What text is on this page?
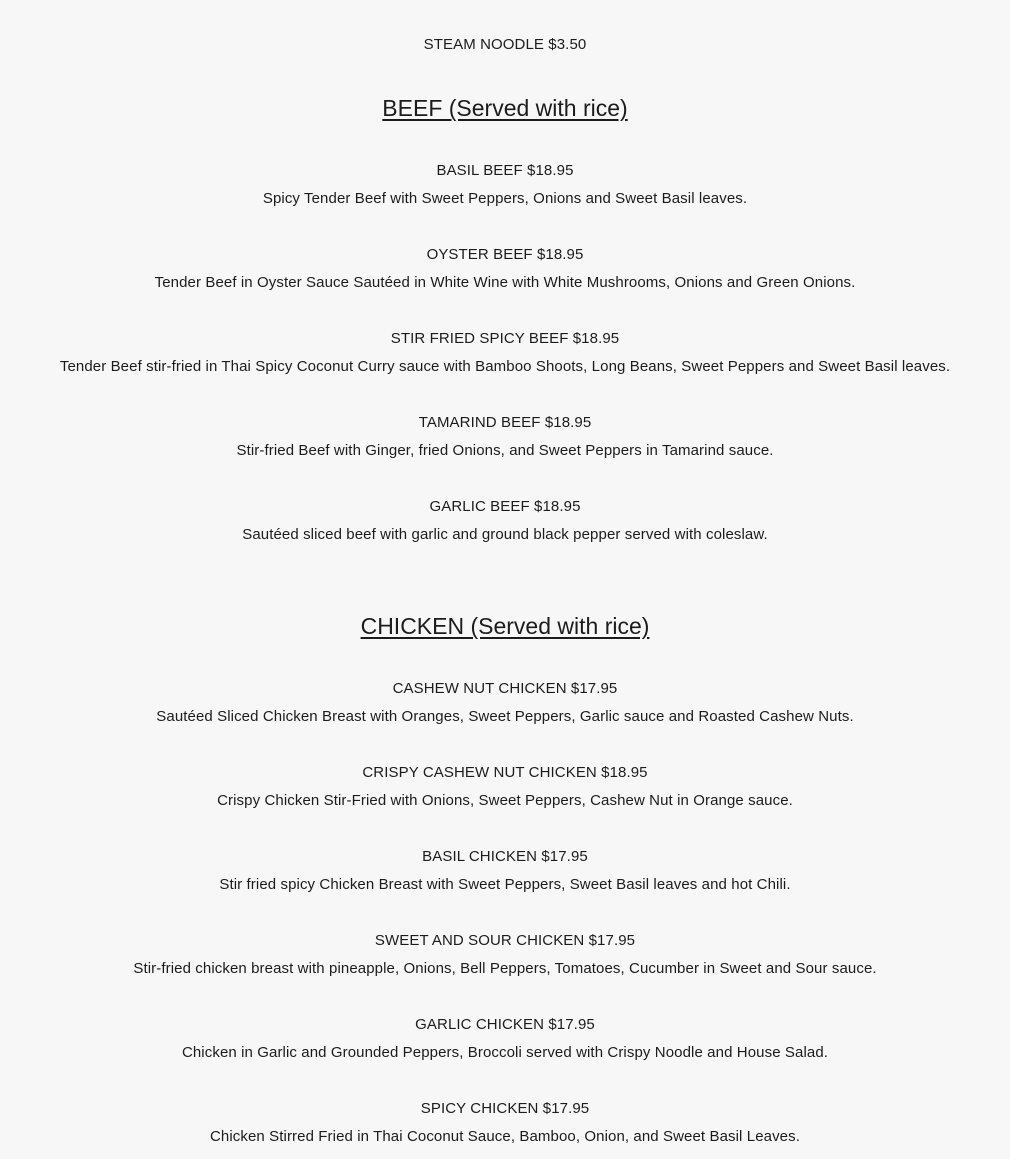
STEAM NOODLE $3.50
BEEF (Served with rice)
BASIL BEEF $18.95
Spicy Tender Beef with Sweet Peppers, Onions and Sweet Basil leaves.
OYSTER BEEF $18.95
Tender Beef in Oyster Sauce Sautéed in White Wine with White Mushrooms, Onions and Green Onions.
STIR FRIED SPICY BEEF $18.95
Tender Beef stir-fried in Thai Spicy Coconut Curry sauce with Bamboo Shoots, Long Beans, Sweet Peppers and Sweet Basil leaves.
TAMARIND BEEF $18.95
Stir-fried Beef with Ginger, fried Onions, and Sweet Peppers in Tamarind sauce.
GARLIC BEEF $18.95
Sautéed sliced beef with garlic and ground black pepper served with coleslaw.
CHICKEN (Served with rice)
CASHEW NUT CHICKEN $17.95
Sautéed Sliced Chicken Breast with Oranges, Sweet Peppers, Garlic sauce and Roasted Cashew Nuts.
CRISPY CASHEW NUT CHICKEN $18.95
Crispy Chicken Stir-Fried with Onions, Sweet Peppers, Cashew Nut in Orange sauce.
BASIL CHICKEN $17.95
Stir fried spicy Chicken Breast with Sweet Peppers, Sweet Basil leaves and hot Chili.
SWEET AND SOUR CHICKEN $17.95
Stir-fried chicken breast with pineapple, Onions, Bell Peppers, Tomatoes, Cucumber in Sweet and Sour sauce.
GARLIC CHICKEN $17.95
Chicken in Garlic and Grounded Peppers, Broccoli served with Crispy Noodle and House Salad.
SPICY CHICKEN $17.95
Chicken Stirred Fried in Thai Coconut Sauce, Bamboo, Onion, and Sweet Basil Leaves.
